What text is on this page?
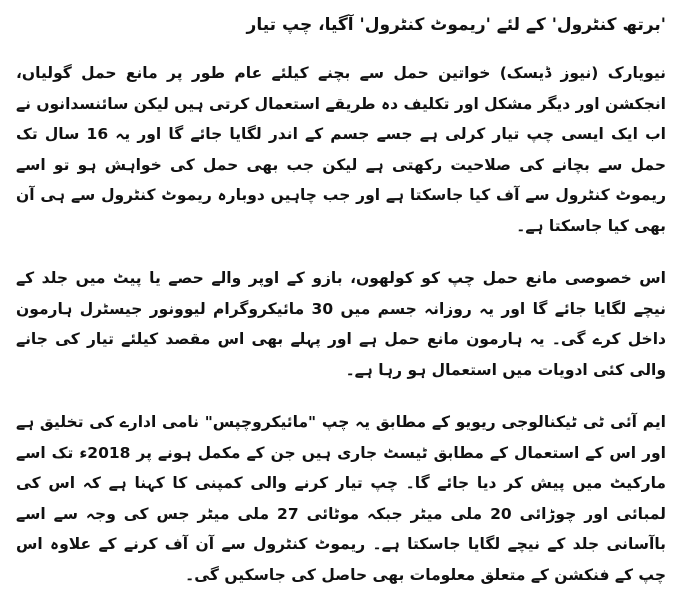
'برتھ کنٹرول' کے لئے 'ریموٹ کنٹرول' آگیا، چپ تیار

نیویارک (نیوز ڈیسک) خواتین حمل سے بچنے کیلئے عام طور پر مانع حمل گولیاں، انجکشن اور دیگر مشکل اور تکلیف دہ طریقے استعمال کرتی ہیں لیکن سائنسدانوں نے اب ایک ایسی چپ تیار کرلی ہے جسے جسم کے اندر لگایا جائے گا اور یہ 16 سال تک حمل سے بچانے کی صلاحیت رکھتی ہے لیکن جب بھی حمل کی خواہش ہو تو اسے ریموٹ کنٹرول سے آف کیا جاسکتا ہے اور جب چاہیں دوبارہ ریموٹ کنٹرول سے ہی آن بھی کیا جاسکتا ہے۔

اس خصوصی مانع حمل چپ کو کولھوں، بازو کے اوپر والے حصے یا پیٹ میں جلد کے نیچے لگایا جائے گا اور یہ روزانہ جسم میں 30 مائیکروگرام لیوونور جیسٹرل ہارمون داخل کرے گی۔ یہ ہارمون مانع حمل ہے اور پہلے بھی اس مقصد کیلئے تیار کی جانے والی کئی ادویات میں استعمال ہو رہا ہے۔

ایم آئی ٹی ٹیکنالوجی ریویو کے مطابق یہ چپ "مائیکروچپس" نامی ادارے کی تخلیق ہے اور اس کے استعمال کے مطابق ٹیسٹ جاری ہیں جن کے مکمل ہونے پر 2018ء تک اسے مارکیٹ میں پیش کر دیا جائے گا۔ چپ تیار کرنے والی کمپنی کا کہنا ہے کہ اس کی لمبائی اور چوڑائی 20 ملی میٹر جبکہ موٹائی 27 ملی میٹر جس کی وجہ سے اسے باآسانی جلد کے نیچے لگایا جاسکتا ہے۔ ریموٹ کنٹرول سے آن آف کرنے کے علاوہ اس چپ کے فنکشن کے متعلق معلومات بھی حاصل کی جاسکیں گی۔
